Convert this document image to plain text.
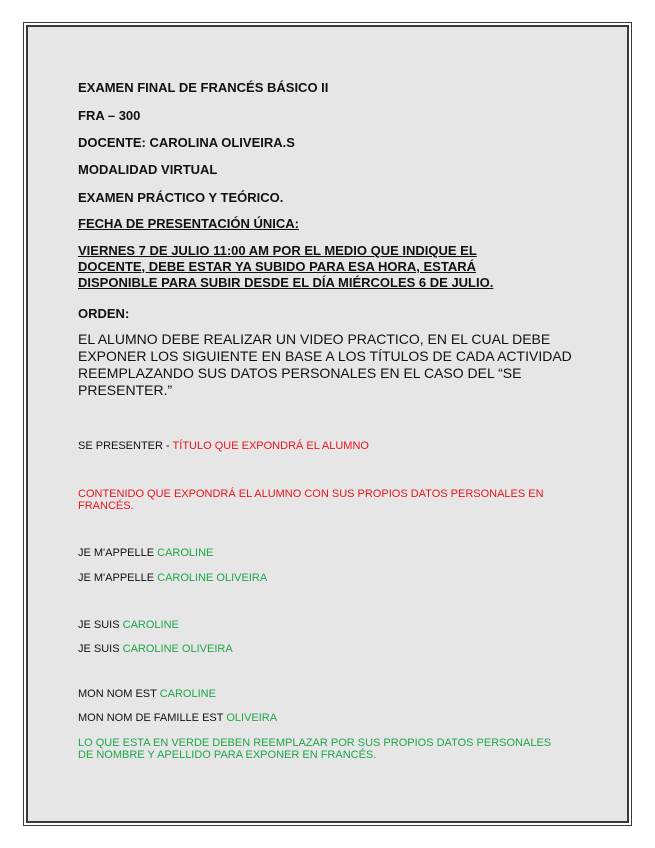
EXAMEN FINAL DE FRANCÉS BÁSICO II
FRA – 300
DOCENTE: CAROLINA OLIVEIRA.S
MODALIDAD VIRTUAL
EXAMEN PRÁCTICO Y TEÓRICO.
FECHA DE PRESENTACIÓN ÚNICA:
VIERNES 7 DE JULIO 11:00 AM POR EL MEDIO QUE INDIQUE EL
DOCENTE, DEBE ESTAR YA SUBIDO PARA ESA HORA, ESTARÁ
DISPONIBLE PARA SUBIR DESDE EL DÍA MIÉRCOLES 6 DE JULIO.
ORDEN:
EL ALUMNO DEBE REALIZAR UN VIDEO PRACTICO, EN EL CUAL DEBE EXPONER LOS SIGUIENTE EN BASE A LOS TÍTULOS DE CADA ACTIVIDAD REEMPLAZANDO SUS DATOS PERSONALES EN EL CASO DEL “SE PRESENTER.”
SE PRESENTER - TÍTULO QUE EXPONDRÁ EL ALUMNO
CONTENIDO QUE EXPONDRÁ EL ALUMNO CON SUS PROPIOS DATOS PERSONALES EN FRANCÉS.
JE M'APPELLE CAROLINE
JE M'APPELLE CAROLINE OLIVEIRA
JE SUIS CAROLINE
JE SUIS CAROLINE OLIVEIRA
MON NOM EST CAROLINE
MON NOM DE FAMILLE EST OLIVEIRA
LO QUE ESTA EN VERDE DEBEN REEMPLAZAR POR SUS PROPIOS DATOS PERSONALES DE NOMBRE Y APELLIDO PARA EXPONER EN FRANCÉS.
